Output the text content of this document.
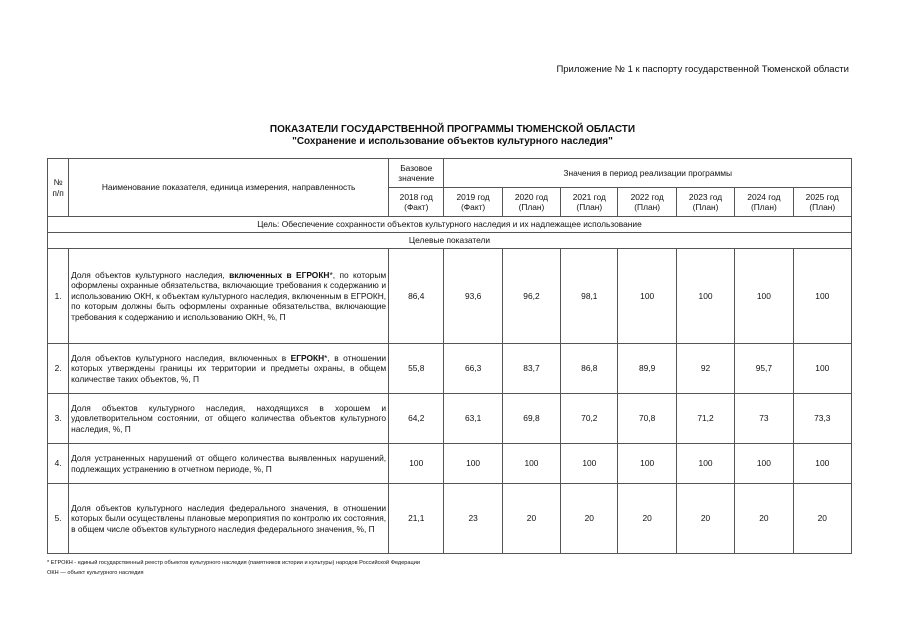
Приложение № 1 к паспорту государственной Тюменской области
ПОКАЗАТЕЛИ ГОСУДАРСТВЕННОЙ ПРОГРАММЫ ТЮМЕНСКОЙ ОБЛАСТИ
"Сохранение и использование объектов культурного наследия"
№ п/п	Наименование показателя, единица измерения, направленность	Базовое значение	Значения в период реализации программы						
		2018 год (Факт)	2019 год (Факт)	2020 год (План)	2021 год (План)	2022 год (План)	2023 год (План)	2024 год (План)	2025 год (План)
Цель: Обеспечение сохранности объектов культурного наследия и их надлежащее использование									
Целевые показатели									
1.	Доля объектов культурного наследия, включенных в ЕГРОКН*, по которым оформлены охранные обязательства, включающие требования к содержанию и использованию ОКН, к объектам культурного наследия, включенным в ЕГРОКН, по которым должны быть оформлены охранные обязательства, включающие требования к содержанию и использованию ОКН, %, П	86,4	93,6	96,2	98,1	100	100	100	100
2.	Доля объектов культурного наследия, включенных в ЕГРОКН*, в отношении которых утверждены границы их территории и предметы охраны, в общем количестве таких объектов, %, П	55,8	66,3	83,7	86,8	89,9	92	95,7	100
3.	Доля объектов культурного наследия, находящихся в хорошем и удовлетворительном состоянии, от общего количества объектов культурного наследия, %, П	64,2	63,1	69,8	70,2	70,8	71,2	73	73,3
4.	Доля устраненных нарушений от общего количества выявленных нарушений, подлежащих устранению в отчетном периоде, %, П	100	100	100	100	100	100	100	100
5.	Доля объектов культурного наследия федерального значения, в отношении которых были осуществлены плановые мероприятия по контролю их состояния, в общем числе объектов культурного наследия федерального значения, %, П	21,1	23	20	20	20	20	20	20
* ЕГРОКН - единый государственный реестр объектов культурного наследия (памятников истории и культуры) народов Российской Федерации
ОКН — объект культурного наследия
